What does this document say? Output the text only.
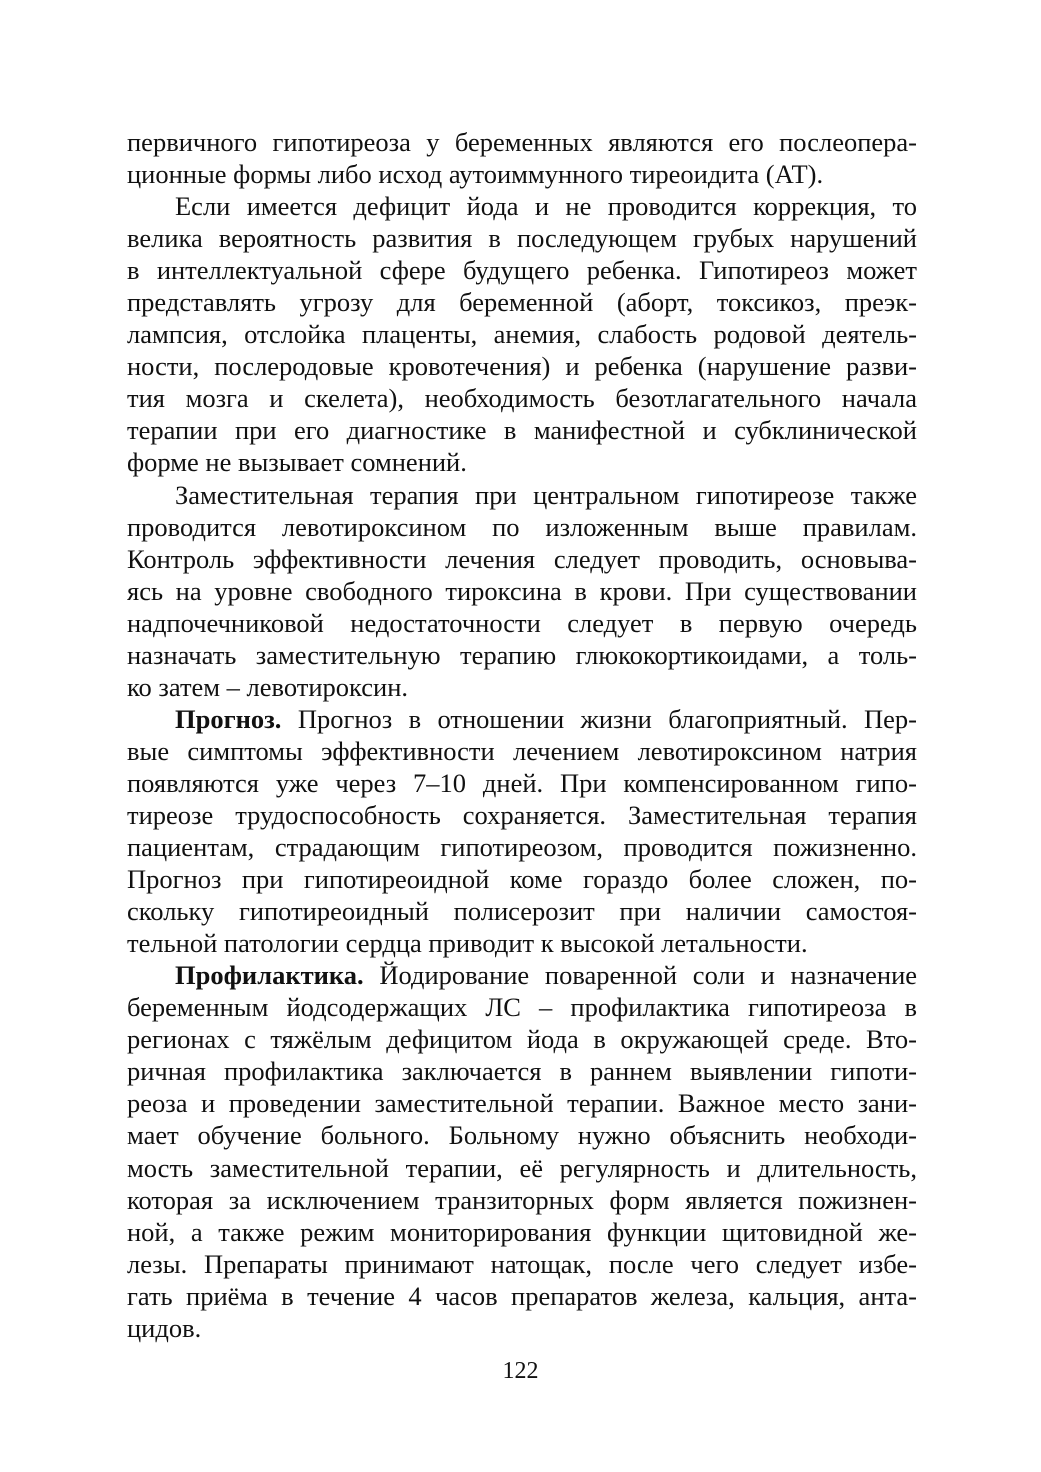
первичного гипотиреоза у беременных являются его послеопера-
ционные формы либо исход аутоиммунного тиреоидита (АТ).
Если имеется дефицит йода и не проводится коррекция, то
велика вероятность развития в последующем грубых нарушений
в интеллектуальной сфере будущего ребенка. Гипотиреоз может
представлять угрозу для беременной (аборт, токсикоз, преэк-
лампсия, отслойка плаценты, анемия, слабость родовой деятель-
ности, послеродовые кровотечения) и ребенка (нарушение разви-
тия мозга и скелета), необходимость безотлагательного начала
терапии при его диагностике в манифестной и субклинической
форме не вызывает сомнений.
Заместительная терапия при центральном гипотиреозе также
проводится левотироксином по изложенным выше правилам.
Контроль эффективности лечения следует проводить, основыва-
ясь на уровне свободного тироксина в крови. При существовании
надпочечниковой недостаточности следует в первую очередь
назначать заместительную терапию глюкокортикоидами, а толь-
ко затем – левотироксин.
Прогноз. Прогноз в отношении жизни благоприятный. Пер-
вые симптомы эффективности лечением левотироксином натрия
появляются уже через 7–10 дней. При компенсированном гипо-
тиреозе трудоспособность сохраняется. Заместительная терапия
пациентам, страдающим гипотиреозом, проводится пожизненно.
Прогноз при гипотиреоидной коме гораздо более сложен, по-
скольку гипотиреоидный полисерозит при наличии самостоя-
тельной патологии сердца приводит к высокой летальности.
Профилактика. Йодирование поваренной соли и назначение
беременным йодсодержащих ЛС – профилактика гипотиреоза в
регионах с тяжёлым дефицитом йода в окружающей среде. Вто-
ричная профилактика заключается в раннем выявлении гипоти-
реоза и проведении заместительной терапии. Важное место зани-
мает обучение больного. Больному нужно объяснить необходи-
мость заместительной терапии, её регулярность и длительность,
которая за исключением транзиторных форм является пожизнен-
ной, а также режим мониторирования функции щитовидной же-
лезы. Препараты принимают натощак, после чего следует избе-
гать приёма в течение 4 часов препаратов железа, кальция, анта-
цидов.
122
